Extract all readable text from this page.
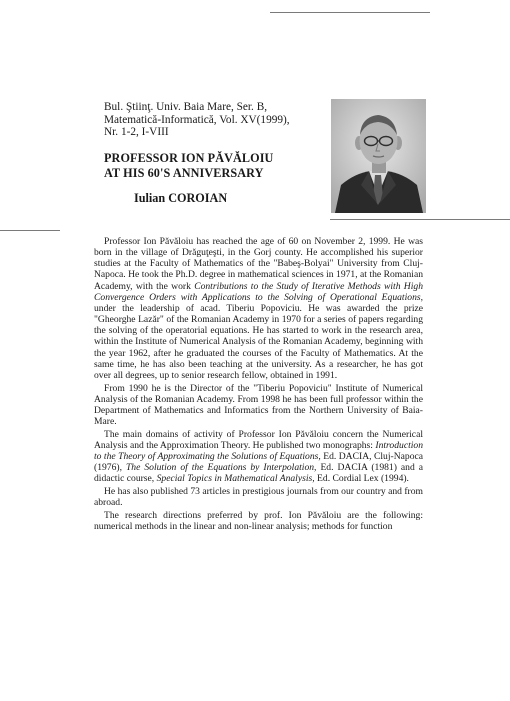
Bul. Ştiinţ. Univ. Baia Mare, Ser. B,
Matematică-Informatică, Vol. XV(1999),
Nr. 1-2, I-VIII
PROFESSOR ION PĂVĂLOIU
AT HIS 60'S ANNIVERSARY
Iulian COROIAN

Professor Ion Păvăloiu has reached the age of 60 on November 2, 1999. He was born in the village of Drăguţeşti, in the Gorj county. He accomplished his superior studies at the Faculty of Mathematics of the "Babeş-Bolyai" University from Cluj-Napoca. He took the Ph.D. degree in mathematical sciences in 1971, at the Romanian Academy, with the work Contributions to the Study of Iterative Methods with High Convergence Orders with Applications to the Solving of Operational Equations, under the leadership of acad. Tiberiu Popoviciu. He was awarded the prize "Gheorghe Lazăr" of the Romanian Academy in 1970 for a series of papers regarding the solving of the operatorial equations. He has started to work in the research area, within the Institute of Numerical Analysis of the Romanian Academy, beginning with the year 1962, after he graduated the courses of the Faculty of Mathematics. At the same time, he has also been teaching at the university. As a researcher, he has got over all degrees, up to senior research fellow, obtained in 1991.

From 1990 he is the Director of the "Tiberiu Popoviciu" Institute of Numerical Analysis of the Romanian Academy. From 1998 he has been full professor within the Department of Mathematics and Informatics from the Northern University of Baia-Mare.

The main domains of activity of Professor Ion Păvăloiu concern the Numerical Analysis and the Approximation Theory. He published two monographs: Introduction to the Theory of Approximating the Solutions of Equations, Ed. DACIA, Cluj-Napoca (1976), The Solution of the Equations by Interpolation, Ed. DACIA (1981) and a didactic course, Special Topics in Mathematical Analysis, Ed. Cordial Lex (1994).

He has also published 73 articles in prestigious journals from our country and from abroad.

The research directions preferred by prof. Ion Păvăloiu are the following: numerical methods in the linear and non-linear analysis; methods for function
